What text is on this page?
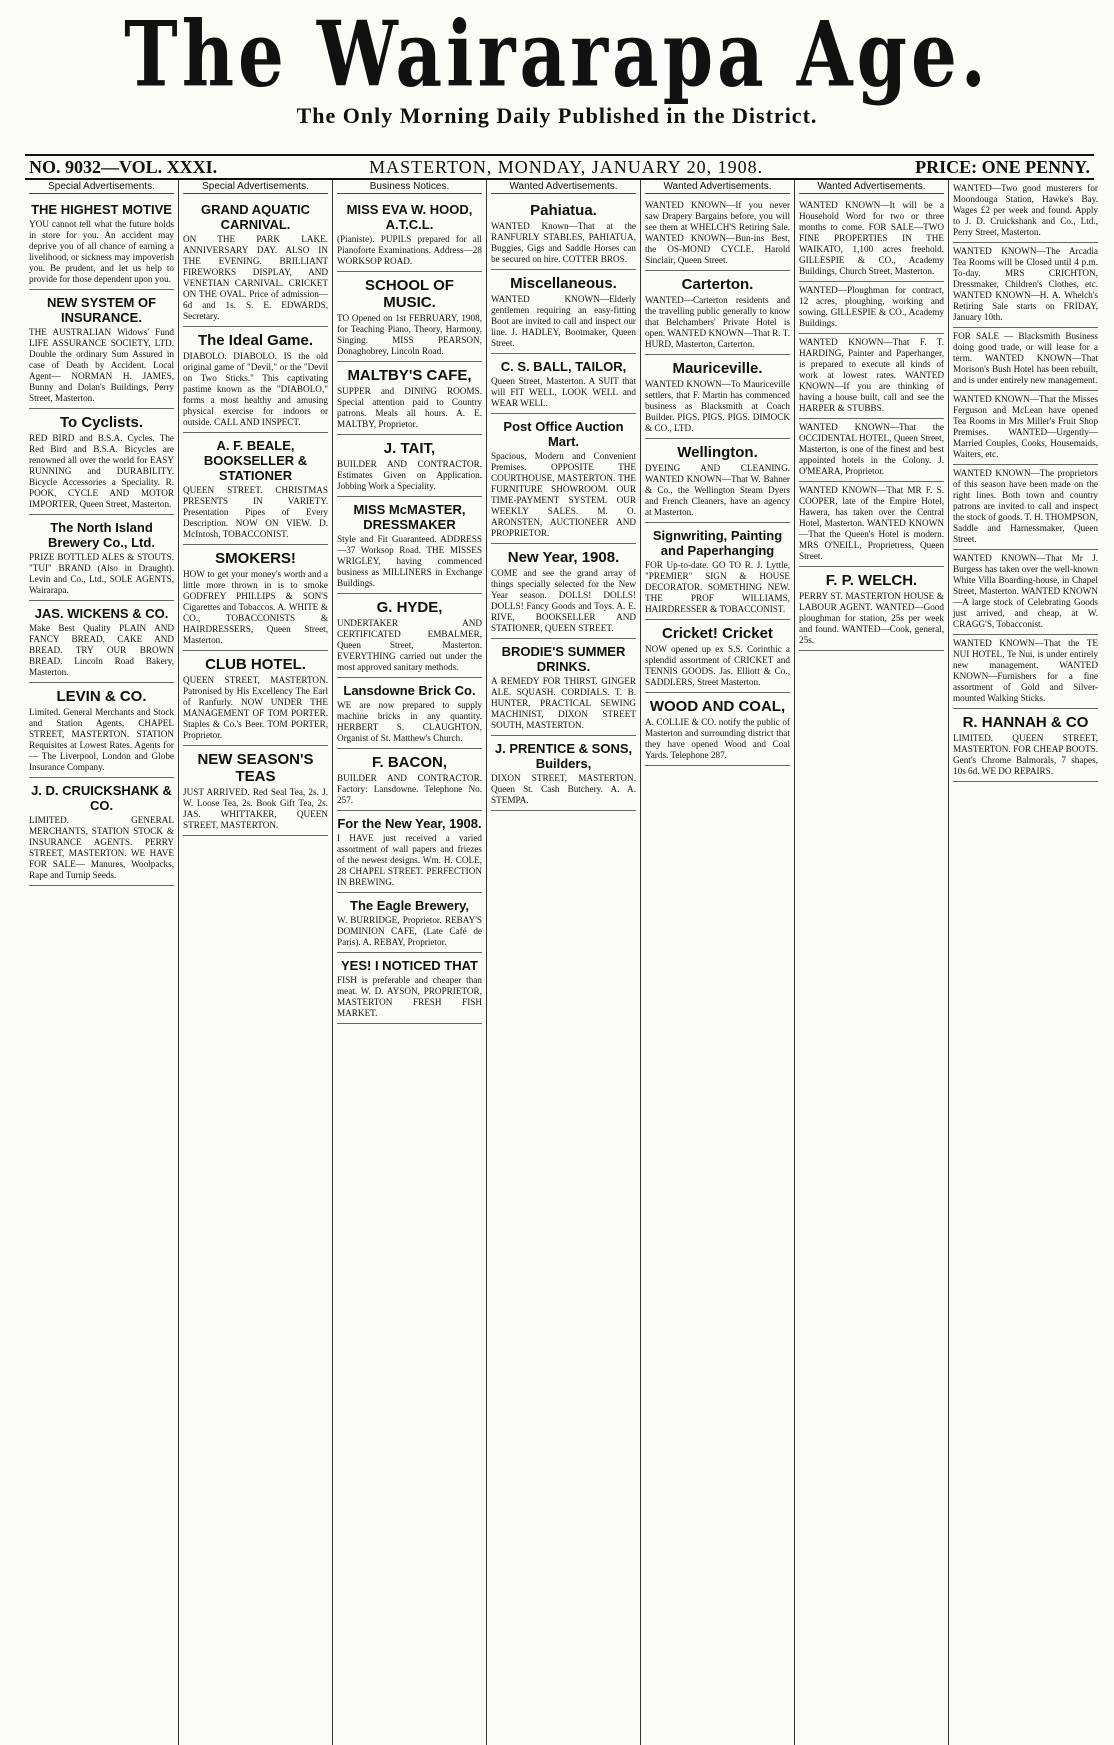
The Wairarapa Age.
The Only Morning Daily Published in the District.
NO. 9032—VOL. XXXI.	MASTERTON, MONDAY, JANUARY 20, 1908.	PRICE: ONE PENNY.
Special Advertisements.
THE HIGHEST MOTIVE

YOU cannot tell what the future holds in store for you. An accident may deprive you of all chance of earning a livelihood, or sickness may impoverish you. Be prudent, and let us help to provide for those dependent upon you.

NEW SYSTEM OF INSURANCE.

THE AUSTRALIAN Widows' Fund LIFE ASSURANCE SOCIETY, LTD. Double the ordinary Sum Assured in case of Death by Accident. Local Agent— NORMAN H. JAMES, Bunny and Dolan's Buildings, Perry Street, Masterton.

To Cyclists.

RED BIRD and B.S.A. Cycles. The Red Bird and B.S.A. Bicycles are renowned all over the world for EASY RUNNING and DURABILITY. Bicycle Accessories a Speciality. R. POOK, CYCLE AND MOTOR IMPORTER, Queen Street, Masterton.

The North Island Brewery Co., Ltd.

PRIZE BOTTLED ALES & STOUTS. "TUI" BRAND (Also in Draught). Levin and Co., Ltd., SOLE AGENTS, Wairarapa.

JAS. WICKENS & CO.

Make Best Quality PLAIN AND FANCY BREAD, CAKE AND BREAD. TRY OUR BROWN BREAD. Lincoln Road Bakery, Masterton.

LEVIN & CO.

Limited. General Merchants and Stock and Station Agents, CHAPEL STREET, MASTERTON. STATION Requisites at Lowest Rates. Agents for— The Liverpool, London and Globe Insurance Company.

J. D. CRUICKSHANK & CO.

LIMITED. GENERAL MERCHANTS, STATION STOCK & INSURANCE AGENTS. PERRY STREET, MASTERTON. WE HAVE FOR SALE— Manures, Woolpacks, Rape and Turnip Seeds.

Special Advertisements.
GRAND AQUATIC CARNIVAL.

ON THE PARK LAKE. ANNIVERSARY DAY. ALSO IN THE EVENING. BRILLIANT FIREWORKS DISPLAY, AND VENETIAN CARNIVAL. CRICKET ON THE OVAL. Price of admission—6d and 1s. S. E. EDWARDS, Secretary.

The Ideal Game.

DIABOLO. DIABOLO. IS the old original game of "Devil," or the "Devil on Two Sticks." This captivating pastime known as the "DIABOLO," forms a most healthy and amusing physical exercise for indoors or outside. CALL AND INSPECT.

A. F. BEALE, BOOKSELLER & STATIONER

QUEEN STREET. CHRISTMAS PRESENTS IN VARIETY. Presentation Pipes of Every Description. NOW ON VIEW. D. McIntosh, TOBACCONIST.

SMOKERS!

HOW to get your money's worth and a little more thrown in is to smoke GODFREY PHILLIPS & SON'S Cigarettes and Tobaccos. A. WHITE & CO., TOBACCONISTS & HAIRDRESSERS, Queen Street, Masterton.

CLUB HOTEL.

QUEEN STREET, MASTERTON. Patronised by His Excellency The Earl of Ranfurly. NOW UNDER THE MANAGEMENT OF TOM PORTER. Staples & Co.'s Beer. TOM PORTER, Proprietor.

NEW SEASON'S TEAS

JUST ARRIVED. Red Seal Tea, 2s. J. W. Loose Tea, 2s. Book Gift Tea, 2s. JAS. WHITTAKER, QUEEN STREET, MASTERTON.

Business Notices.
MISS EVA W. HOOD, A.T.C.L.

(Pianiste). PUPILS prepared for all Pianoforte Examinations. Address—28 WORKSOP ROAD.

SCHOOL OF MUSIC.

TO Opened on 1st FEBRUARY, 1908, for Teaching Piano, Theory, Harmony, Singing. MISS PEARSON, Donaghobrey, Lincoln Road.

MALTBY'S CAFE,

SUPPER and DINING ROOMS. Special attention paid to Country patrons. Meals all hours. A. E. MALTBY, Proprietor.

J. TAIT,

BUILDER AND CONTRACTOR. Estimates Given on Application. Jobbing Work a Speciality.

MISS McMASTER, DRESSMAKER

Style and Fit Guaranteed. ADDRESS—37 Worksop Road. THE MISSES WRIGLEY, having commenced business as MILLINERS in Exchange Buildings.

G. HYDE,

UNDERTAKER AND CERTIFICATED EMBALMER, Queen Street, Masterton. EVERYTHING carried out under the most approved sanitary methods.

Lansdowne Brick Co.

WE are now prepared to supply machine bricks in any quantity. HERBERT S. CLAUGHTON, Organist of St. Matthew's Church.

F. BACON,

BUILDER AND CONTRACTOR. Factory: Lansdowne. Telephone No. 257.

For the New Year, 1908.

I HAVE just received a varied assortment of wall papers and friezes of the newest designs. Wm. H. COLE, 28 CHAPEL STREET. PERFECTION IN BREWING.

The Eagle Brewery,

W. BURRIDGE, Proprietor. REBAY'S DOMINION CAFE, (Late Café de Paris). A. REBAY, Proprietor.

YES! I NOTICED THAT

FISH is preferable and cheaper than meat. W. D. AYSON, PROPRIETOR, MASTERTON FRESH FISH MARKET.

Wanted Advertisements.
Pahiatua.

WANTED Known—That at the RANFURLY STABLES, PAHIATUA, Buggies, Gigs and Saddle Horses can be secured on hire. COTTER BROS.

Miscellaneous.

WANTED KNOWN—Elderly gentlemen requiring an easy-fitting Boot are invited to call and inspect our line. J. HADLEY, Bootmaker, Queen Street.

C. S. BALL, TAILOR,

Queen Street, Masterton. A SUIT that will FIT WELL, LOOK WELL and WEAR WELL.

Post Office Auction Mart.

Spacious, Modern and Convenient Premises. OPPOSITE THE COURTHOUSE, MASTERTON. THE FURNITURE SHOWROOM. OUR TIME-PAYMENT SYSTEM. OUR WEEKLY SALES. M. O. ARONSTEN, AUCTIONEER AND PROPRIETOR.

New Year, 1908.

COME and see the grand array of things specially selected for the New Year season. DOLLS! DOLLS! DOLLS! Fancy Goods and Toys. A. E. RIVE, BOOKSELLER AND STATIONER, QUEEN STREET.

BRODIE'S SUMMER DRINKS.

A REMEDY FOR THIRST. GINGER ALE. SQUASH. CORDIALS. T. B. HUNTER, PRACTICAL SEWING MACHINIST, DIXON STREET SOUTH, MASTERTON.

J. PRENTICE & SONS, Builders,

DIXON STREET, MASTERTON. Queen St. Cash Butchery. A. A. STEMPA.

Wanted Advertisements.

WANTED KNOWN—If you never saw Drapery Bargains before, you will see them at WHELCH'S Retiring Sale. WANTED KNOWN—Bun-ins Best, the OS-MOND CYCLE. Harold Sinclair, Queen Street.

Carterton.

WANTED—Carterton residents and the travelling public generally to know that Belchambers' Private Hotel is open. WANTED KNOWN—That R. T. HURD, Masterton, Carterton.

Mauriceville.

WANTED KNOWN—To Mauriceville settlers, that F. Martin has commenced business as Blacksmith at Coach Builder. PIGS. PIGS. PIGS. DIMOCK & CO., LTD.

Wellington.

DYEING AND CLEANING. WANTED KNOWN—That W. Bahner & Co., the Wellington Steam Dyers and French Cleaners, have an agency at Masterton.

Signwriting, Painting and Paperhanging

FOR Up-to-date. GO TO R. J. Lyttle, "PREMIER" SIGN & HOUSE DECORATOR. SOMETHING NEW. THE PROF WILLIAMS, HAIRDRESSER & TOBACCONIST.

Cricket! Cricket

NOW opened up ex S.S. Corinthic a splendid assortment of CRICKET and TENNIS GOODS. Jas. Elliott & Co., SADDLERS, Street Masterton.

WOOD AND COAL,

A. COLLIE & CO. notify the public of Masterton and surrounding district that they have opened Wood and Coal Yards. Telephone 287.

Wanted Advertisements.

WANTED KNOWN—It will be a Household Word for two or three months to come. FOR SALE—TWO FINE PROPERTIES IN THE WAIKATO, 1,100 acres freehold. GILLESPIE & CO., Academy Buildings, Church Street, Masterton.

WANTED—Ploughman for contract, 12 acres, ploughing, working and sowing. GILLESPIE & CO., Academy Buildings.

WANTED KNOWN—That F. T. HARDING, Painter and Paperhanger, is prepared to execute all kinds of work at lowest rates. WANTED KNOWN—If you are thinking of having a house built, call and see the HARPER & STUBBS.

WANTED KNOWN—That the OCCIDENTAL HOTEL, Queen Street, Masterton, is one of the finest and best appointed hotels in the Colony. J. O'MEARA, Proprietor.

WANTED KNOWN—That MR F. S. COOPER, late of the Empire Hotel, Hawera, has taken over the Central Hotel, Masterton. WANTED KNOWN—That the Queen's Hotel is modern. MRS O'NEILL, Proprietress, Queen Street.

F. P. WELCH.

PERRY ST. MASTERTON HOUSE & LABOUR AGENT. WANTED—Good ploughman for station, 25s per week and found. WANTED—Cook, general, 25s.

WANTED—Two good musterers for Moondouga Station, Hawke's Bay. Wages £2 per week and found. Apply to J. D. Cruickshank and Co., Ltd., Perry Street, Masterton.

WANTED KNOWN—The Arcadia Tea Rooms will be Closed until 4 p.m. To-day. MRS CRICHTON, Dressmaker, Children's Clothes, etc. WANTED KNOWN—H. A. Whelch's Retiring Sale starts on FRIDAY, January 10th.

FOR SALE — Blacksmith Business doing good trade, or will lease for a term. WANTED KNOWN—That Morison's Bush Hotel has been rebuilt, and is under entirely new management.

WANTED KNOWN—That the Misses Ferguson and McLean have opened Tea Rooms in Mrs Miller's Fruit Shop Premises. WANTED—Urgently—Married Couples, Cooks, Housemaids, Waiters, etc.

WANTED KNOWN—The proprietors of this season have been made on the right lines. Both town and country patrons are invited to call and inspect the stock of goods. T. H. THOMPSON, Saddle and Harnessmaker, Queen Street.

WANTED KNOWN—That Mr J. Burgess has taken over the well-known White Villa Boarding-house, in Chapel Street, Masterton. WANTED KNOWN—A large stock of Celebrating Goods just arrived, and cheap, at W. CRAGG'S, Tobacconist.

WANTED KNOWN—That the TE NUI HOTEL, Te Nui, is under entirely new management. WANTED KNOWN—Furnishers for a fine assortment of Gold and Silver-mounted Walking Sticks.

R. HANNAH & CO

LIMITED. QUEEN STREET, MASTERTON. FOR CHEAP BOOTS. Gent's Chrome Balmorals, 7 shapes, 10s 6d. WE DO REPAIRS.
